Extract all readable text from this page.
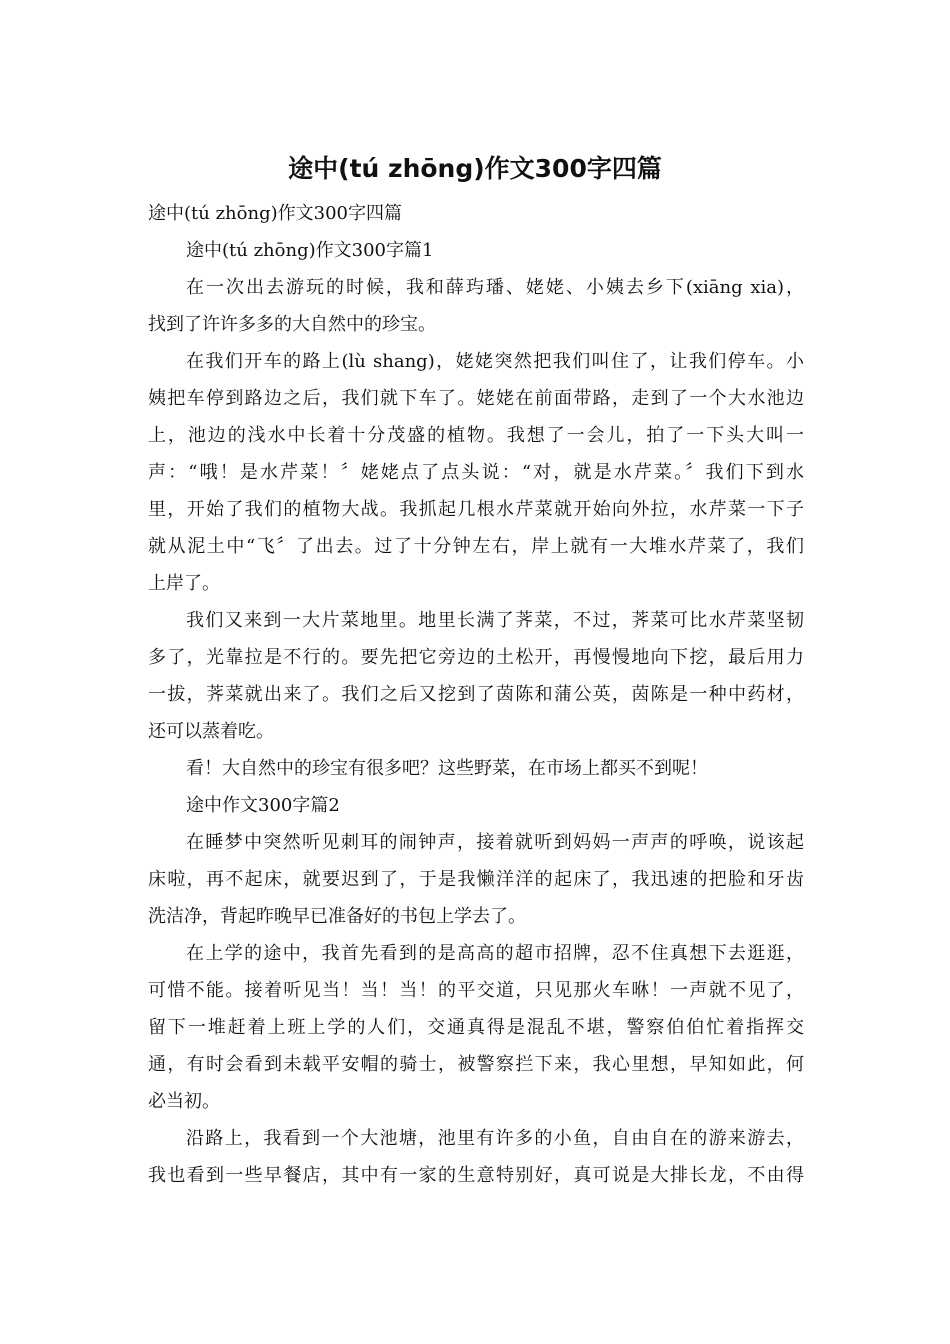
途中(tú zhōng)作文300字四篇
途中(tú zhōng)作文300字四篇
途中(tú zhōng)作文300字篇1
在一次出去游玩的时候，我和薛玙璠、姥姥、小姨去乡下(xiāng xia)，
找到了许许多多的大自然中的珍宝。
在我们开车的路上(lù shang)，姥姥突然把我们叫住了，让我们停车。小
姨把车停到路边之后，我们就下车了。姥姥在前面带路，走到了一个大水池边
上，池边的浅水中长着十分茂盛的植物。我想了一会儿，拍了一下头大叫一
声：“哦！是水芹菜！〞姥姥点了点头说：“对，就是水芹菜。〞我们下到水
里，开始了我们的植物大战。我抓起几根水芹菜就开始向外拉，水芹菜一下子
就从泥土中“飞〞了出去。过了十分钟左右，岸上就有一大堆水芹菜了，我们
上岸了。
我们又来到一大片菜地里。地里长满了荠菜，不过，荠菜可比水芹菜坚韧
多了，光靠拉是不行的。要先把它旁边的土松开，再慢慢地向下挖，最后用力
一拔，荠菜就出来了。我们之后又挖到了茵陈和蒲公英，茵陈是一种中药材，
还可以蒸着吃。
看！大自然中的珍宝有很多吧？这些野菜，在市场上都买不到呢！
途中作文300字篇2
在睡梦中突然听见刺耳的闹钟声，接着就听到妈妈一声声的呼唤，说该起
床啦，再不起床，就要迟到了，于是我懒洋洋的起床了，我迅速的把脸和牙齿
洗洁净，背起昨晚早已准备好的书包上学去了。
在上学的途中，我首先看到的是高高的超市招牌，忍不住真想下去逛逛，
可惜不能。接着听见当！当！当！的平交道，只见那火车咻！一声就不见了，
留下一堆赶着上班上学的人们，交通真得是混乱不堪，警察伯伯忙着指挥交
通，有时会看到未载平安帽的骑士，被警察拦下来，我心里想，早知如此，何
必当初。
沿路上，我看到一个大池塘，池里有许多的小鱼，自由自在的游来游去，
我也看到一些早餐店，其中有一家的生意特别好，真可说是大排长龙，不由得
